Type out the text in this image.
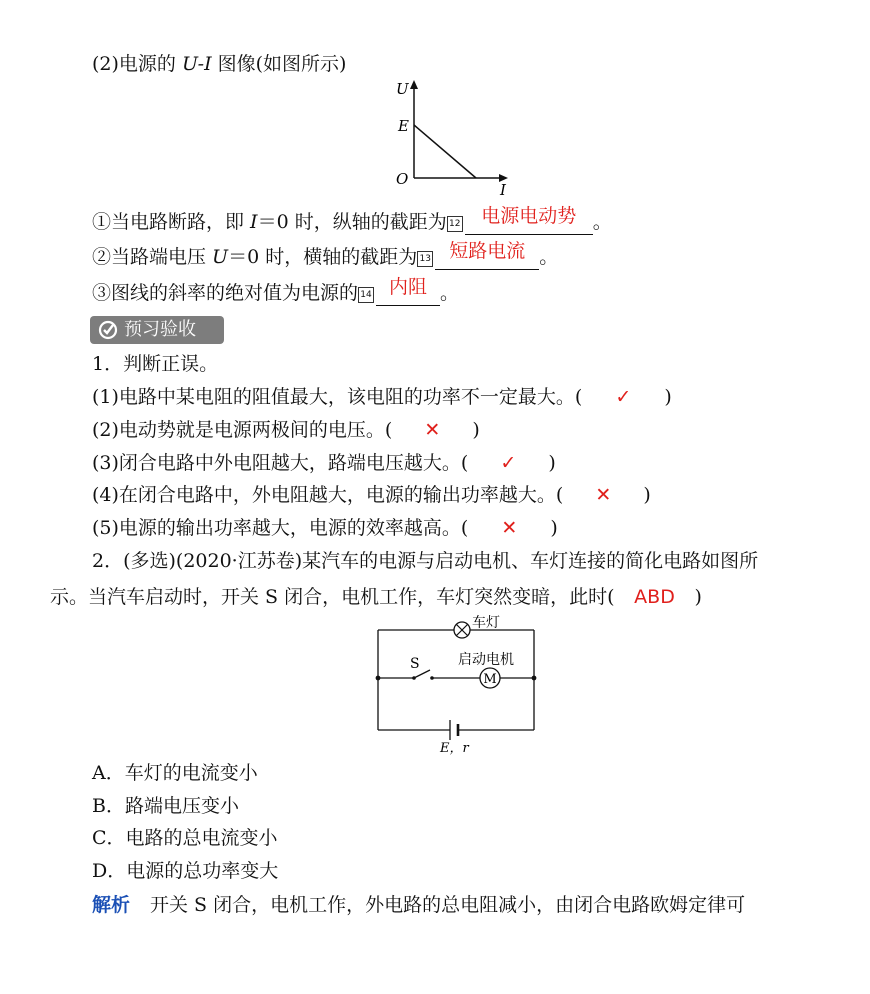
(2)电源的 U-I 图像(如图所示)
U
E
O
I
①当电路断路，即 I＝0 时，纵轴的截距为 12 电源电动势 。
②当路端电压 U＝0 时，横轴的截距为 13 短路电流 。
③图线的斜率的绝对值为电源的 14 内阻 。
预习验收
1．判断正误。
(1)电路中某电阻的阻值最大，该电阻的功率不一定最大。( ✓ )
(2)电动势就是电源两极间的电压。( ✕ )
(3)闭合电路中外电阻越大，路端电压越大。( ✓ )
(4)在闭合电路中，外电阻越大，电源的输出功率越大。( ✕ )
(5)电源的输出功率越大，电源的效率越高。( ✕ )
2．(多选)(2020·江苏卷)某汽车的电源与启动电机、车灯连接的简化电路如图所
示。当汽车启动时，开关 S 闭合，电机工作，车灯突然变暗，此时( ABD )
M
车灯
S	启动电机
E，r
A．车灯的电流变小
B．路端电压变小
C．电路的总电流变小
D．电源的总功率变大
解析 开关 S 闭合，电机工作，外电路的总电阻减小，由闭合电路欧姆定律可
